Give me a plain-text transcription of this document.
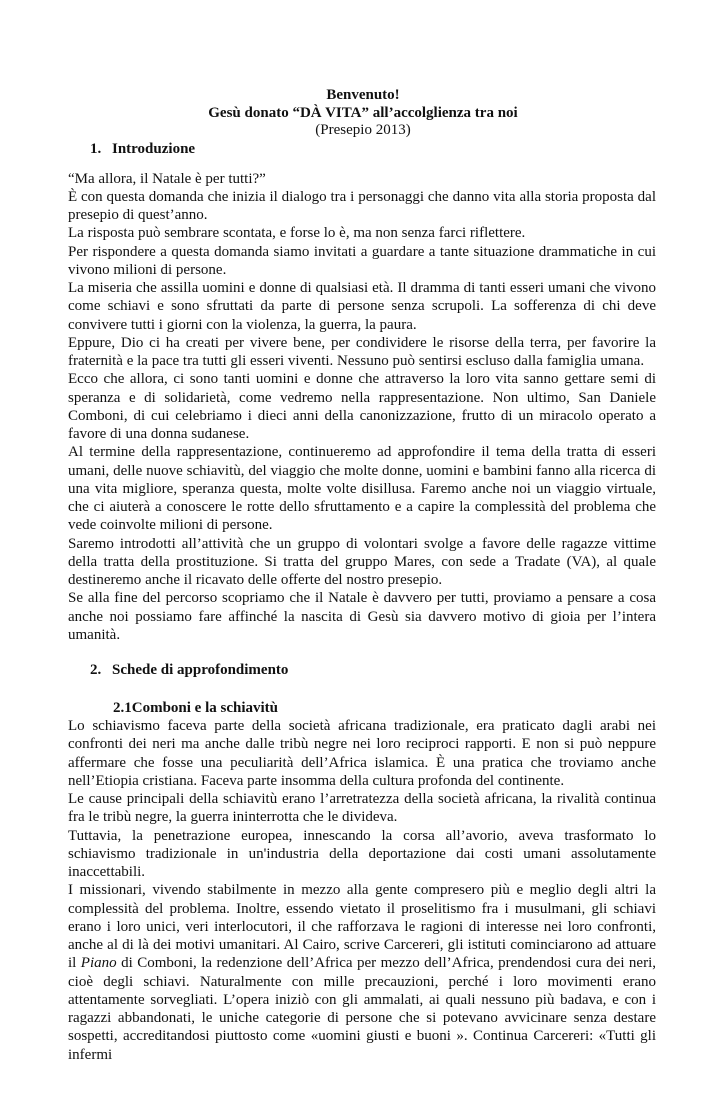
Benvenuto!
Gesù donato “DÀ VITA” all’accolglienza tra noi
(Presepio 2013)
1. Introduzione

“Ma allora, il Natale è per tutti?”

È con questa domanda che inizia il dialogo tra i personaggi che danno vita alla storia proposta dal presepio di quest’anno.

La risposta può sembrare scontata, e forse lo è, ma non senza farci riflettere.

Per rispondere a questa domanda siamo invitati a guardare a tante situazione drammatiche in cui vivono milioni di persone.

La miseria che assilla uomini e donne di qualsiasi età. Il dramma di tanti esseri umani che vivono come schiavi e sono sfruttati da parte di persone senza scrupoli. La sofferenza di chi deve convivere tutti i giorni con la violenza, la guerra, la paura.

Eppure, Dio ci ha creati per vivere bene, per condividere le risorse della terra, per favorire la fraternità e la pace tra tutti gli esseri viventi. Nessuno può sentirsi escluso dalla famiglia umana.

Ecco che allora, ci sono tanti uomini e donne che attraverso la loro vita sanno gettare semi di speranza e di solidarietà, come vedremo nella rappresentazione. Non ultimo, San Daniele Comboni, di cui celebriamo i dieci anni della canonizzazione, frutto di un miracolo operato a favore di una donna sudanese.

Al termine della rappresentazione, continueremo ad approfondire il tema della tratta di esseri umani, delle nuove schiavitù, del viaggio che molte donne, uomini e bambini fanno alla ricerca di una vita migliore, speranza questa, molte volte disillusa. Faremo anche noi un viaggio virtuale, che ci aiuterà a conoscere le rotte dello sfruttamento e a capire la complessità del problema che vede coinvolte milioni di persone.

Saremo introdotti all’attività che un gruppo di volontari svolge a favore delle ragazze vittime della tratta della prostituzione. Si tratta del gruppo Mares, con sede a Tradate (VA), al quale destineremo anche il ricavato delle offerte del nostro presepio.

Se alla fine del percorso scopriamo che il Natale è davvero per tutti, proviamo a pensare a cosa anche noi possiamo fare affinché la nascita di Gesù sia davvero motivo di gioia per l’intera umanità.

2. Schede di approfondimento
2.1Comboni e la schiavitù

Lo schiavismo faceva parte della società africana tradizionale, era praticato dagli arabi nei confronti dei neri ma anche dalle tribù negre nei loro reciproci rapporti. E non si può neppure affermare che fosse una peculiarità dell’Africa islamica. È una pratica che troviamo anche nell’Etiopia cristiana. Faceva parte insomma della cultura profonda del continente.

Le cause principali della schiavitù erano l’arretratezza della società africana, la rivalità continua fra le tribù negre, la guerra ininterrotta che le divideva.

Tuttavia, la penetrazione europea, innescando la corsa all’avorio, aveva trasformato lo schiavismo tradizionale in un'industria della deportazione dai costi umani assolutamente inaccettabili.

I missionari, vivendo stabilmente in mezzo alla gente compresero più e meglio degli altri la complessità del problema. Inoltre, essendo vietato il proselitismo fra i musulmani, gli schiavi erano i loro unici, veri interlocutori, il che rafforzava le ragioni di interesse nei loro confronti, anche al di là dei motivi umanitari. Al Cairo, scrive Carcereri, gli istituti cominciarono ad attuare il Piano di Comboni, la redenzione dell’Africa per mezzo dell’Africa, prendendosi cura dei neri, cioè degli schiavi. Naturalmente con mille precauzioni, perché i loro movimenti erano attentamente sorvegliati. L’opera iniziò con gli ammalati, ai quali nessuno più badava, e con i ragazzi abbandonati, le uniche categorie di persone che si potevano avvicinare senza destare sospetti, accreditandosi piuttosto come «uomini giusti e buoni ». Continua Carcereri: «Tutti gli infermi
